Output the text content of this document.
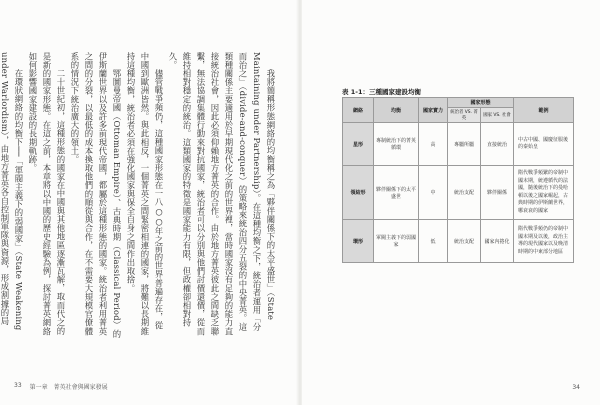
我將簡稱形態網絡的均衡稱之為「夥伴關係下的太平盛世」（State Maintaining under Partnership）。在這種均衡之下，統治者運用「分而治之」（divide-and-conquer）的策略來統治四分五裂的中央菁英。這類種關係主要適用於早期現代化之前的世界裡，當時國家沒有足夠的能力直接統治社會，因此必須仰賴地方菁英的合作。由於地方菁英彼此之間缺乏聯繫，無法協調集體行動來對抗國家，統治者可以分別與他們討價還價，從而維持相對穩定的統治。這類國家的特徵是國家能力有限，但政權卻相對持久。

儘管戰爭頻仍，這種國家形態在一八○○年之前的世界普遍存在，從中國到歐洲皆然。與此相反，一個菁英之間緊密相連的國家，將難以長期維持這種均衡，統治者必須在強化國家與保全自身之間作出取捨。

鄂圖曼帝國（Ottoman Empire）、古典時期（Classical Period）的伊斯蘭世界以及許多前現代帝國，都屬於這種形態的國家。統治者利用菁英之間的分裂，以最低的成本換取他們的順從與合作，在不需要大規模官僚體系的情況下統治廣大的領土。

二十世紀初，這種形態的國家在中國與其他地區逐漸瓦解，取而代之的是新的國家形態。在這之前，本章將以中國的歷史經驗為例，探討菁英網絡如何影響國家建設的長期軌跡。

在環狀網絡的均衡下──「軍閥主義下的弱國家」（State Weakening under Warlordism），由地方菁英各自控制軍隊與資源，形成割據的局

33 第一章　菁英社會與國家發展
表 1-1：三種國家建設均衡
網絡	均衡	國家實力	國家形態		範例
			統治者 VS. 菁英	國家 VS. 社會	
星形	專制統治下的菁英循環	高	專屬所屬	直接統治	中古中國、國慶征服後的秦始皇
領結形	夥伴關係下的太平盛世	中	統治支配	夥伴關係	隋代戰爭頻繁的帝制中國末期，統遵循代的法國，隨後統治下的曼哈頓以後之國家崛起，古典時期的伊斯蘭世界，哪衰衰的國家
環形	軍閥主義下的弱國家	低	統治支配	國家內捲化	隋代戰爭頻仍的帝制中國末期及以後，政治主導的現代國家以及晚清時期的中東部分地區
34
